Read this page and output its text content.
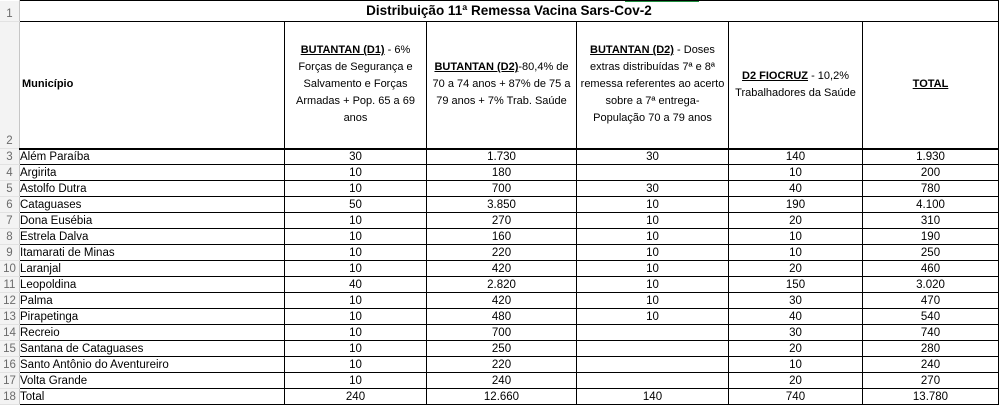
1	Distribuição 11ª Remessa Vacina Sars-Cov-2					
2	Município	BUTANTAN (D1) - 6% Forças de Segurança e Salvamento e Forças Armadas + Pop. 65 a 69 anos	BUTANTAN (D2)-80,4% de 70 a 74 anos + 87% de 75 a 79 anos + 7% Trab. Saúde	BUTANTAN (D2) - Doses extras distribuídas 7ª e 8ª remessa referentes ao acerto sobre a 7ª entrega- População 70 a 79 anos	D2 FIOCRUZ - 10,2% Trabalhadores da Saúde	TOTAL
3	Além Paraíba	30	1.730	30	140	1.930
4	Argirita	10	180		10	200
5	Astolfo Dutra	10	700	30	40	780
6	Cataguases	50	3.850	10	190	4.100
7	Dona Eusébia	10	270	10	20	310
8	Estrela Dalva	10	160	10	10	190
9	Itamarati de Minas	10	220	10	10	250
10	Laranjal	10	420	10	20	460
11	Leopoldina	40	2.820	10	150	3.020
12	Palma	10	420	10	30	470
13	Pirapetinga	10	480	10	40	540
14	Recreio	10	700		30	740
15	Santana de Cataguases	10	250		20	280
16	Santo Antônio do Aventureiro	10	220		10	240
17	Volta Grande	10	240		20	270
18	Total	240	12.660	140	740	13.780
